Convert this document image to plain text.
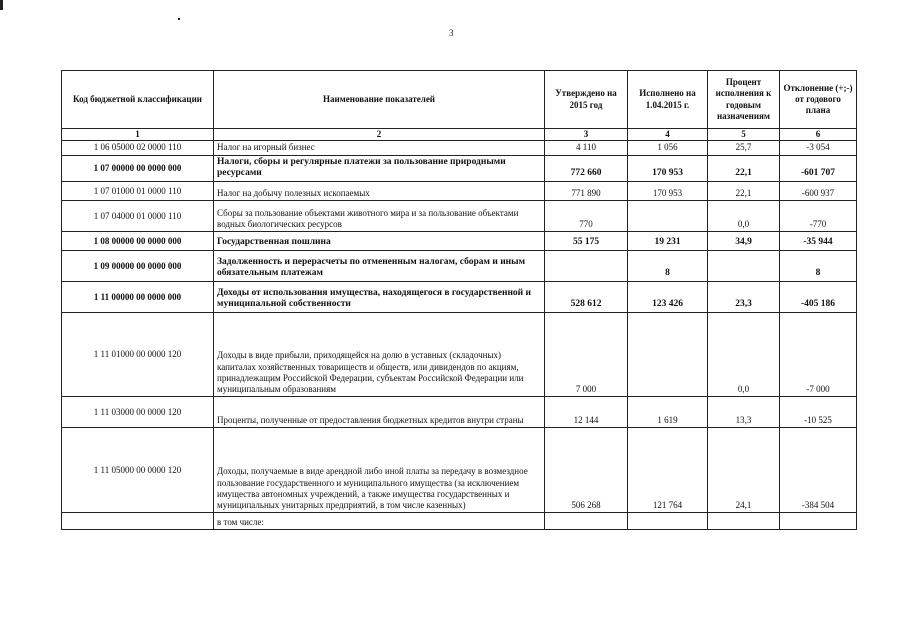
3
Код бюджетной классификации	Наименование показателей	Утверждено на 2015 год	Исполнено на 1.04.2015 г.	Процент исполнения к годовым назначениям	Отклонение (+;-) от годового плана
1	2	3	4	5	6
1 06 05000 02 0000 110	Налог на игорный бизнес	4 110	1 056	25,7	-3 054
1 07 00000 00 0000 000	Налоги, сборы и регулярные платежи за пользование природными ресурсами	772 660	170 953	22,1	-601 707
1 07 01000 01 0000 110	Налог на добычу полезных ископаемых	771 890	170 953	22,1	-600 937
1 07 04000 01 0000 110	Сборы за пользование объектами животного мира и за пользование объектами водных биологических ресурсов	770		0,0	-770
1 08 00000 00 0000 000	Государственная пошлина	55 175	19 231	34,9	-35 944
1 09 00000 00 0000 000	Задолженность и перерасчеты по отмененным налогам, сборам и иным обязательным платежам		8		8
1 11 00000 00 0000 000	Доходы от использования имущества, находящегося в государственной и муниципальной собственности	528 612	123 426	23,3	-405 186
1 11 01000 00 0000 120	Доходы в виде прибыли, приходящейся на долю в уставных (складочных) капиталах хозяйственных товариществ и обществ, или дивидендов по акциям, принадлежащим Российской Федерации, субъектам Российской Федерации или муниципальным образованиям	7 000		0,0	-7 000
1 11 03000 00 0000 120	Проценты, полученные от предоставления бюджетных кредитов внутри страны	12 144	1 619	13,3	-10 525
1 11 05000 00 0000 120	Доходы, получаемые в виде арендной либо иной платы за передачу в возмездное пользование государственного и муниципального имущества (за исключением имущества автономных учреждений, а также имущества государственных и муниципальных унитарных предприятий, в том числе казенных)	506 268	121 764	24,1	-384 504
	в том числе:				
